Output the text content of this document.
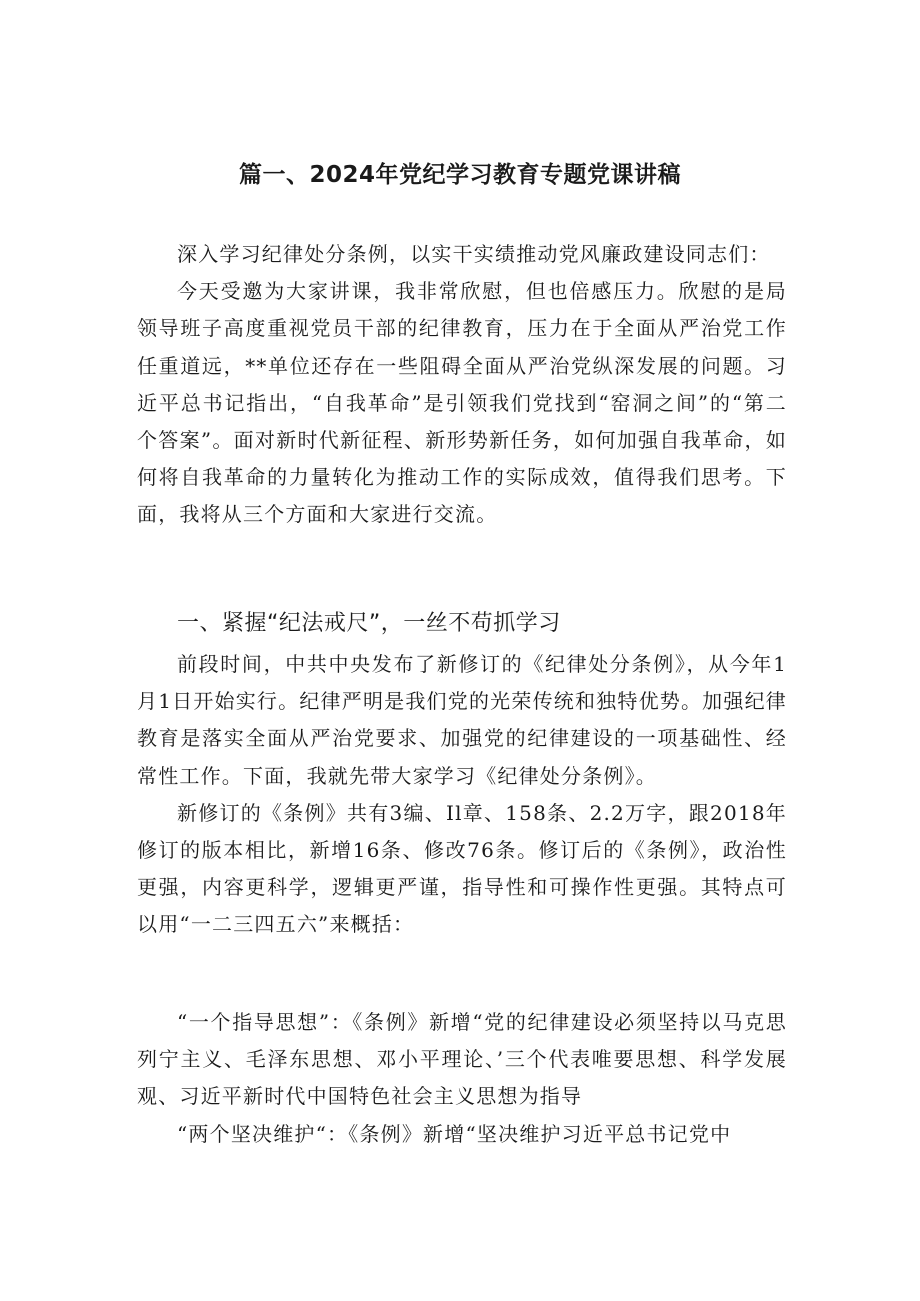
篇一、2024年党纪学习教育专题党课讲稿

深入学习纪律处分条例，以实干实绩推动党风廉政建设同志们：

今天受邀为大家讲课，我非常欣慰，但也倍感压力。欣慰的是局领导班子高度重视党员干部的纪律教育，压力在于全面从严治党工作任重道远，**单位还存在一些阻碍全面从严治党纵深发展的问题。习近平总书记指出，“自我革命”是引领我们党找到“窑洞之间”的“第二个答案”。面对新时代新征程、新形势新任务，如何加强自我革命，如何将自我革命的力量转化为推动工作的实际成效，值得我们思考。下面，我将从三个方面和大家进行交流。

一、紧握“纪法戒尺”，一丝不苟抓学习

前段时间，中共中央发布了新修订的《纪律处分条例》，从今年1月1日开始实行。纪律严明是我们党的光荣传统和独特优势。加强纪律教育是落实全面从严治党要求、加强党的纪律建设的一项基础性、经常性工作。下面，我就先带大家学习《纪律处分条例》。

新修订的《条例》共有3编、Il章、158条、2.2万字，跟2018年修订的版本相比，新增16条、修改76条。修订后的《条例》，政治性更强，内容更科学，逻辑更严谨，指导性和可操作性更强。其特点可以用“一二三四五六”来概括：

“一个指导思想”：《条例》新增“党的纪律建设必须坚持以马克思列宁主义、毛泽东思想、邓小平理论、’三个代表唯要思想、科学发展观、习近平新时代中国特色社会主义思想为指导

“两个坚决维护“：《条例》新增“坚决维护习近平总书记党中
